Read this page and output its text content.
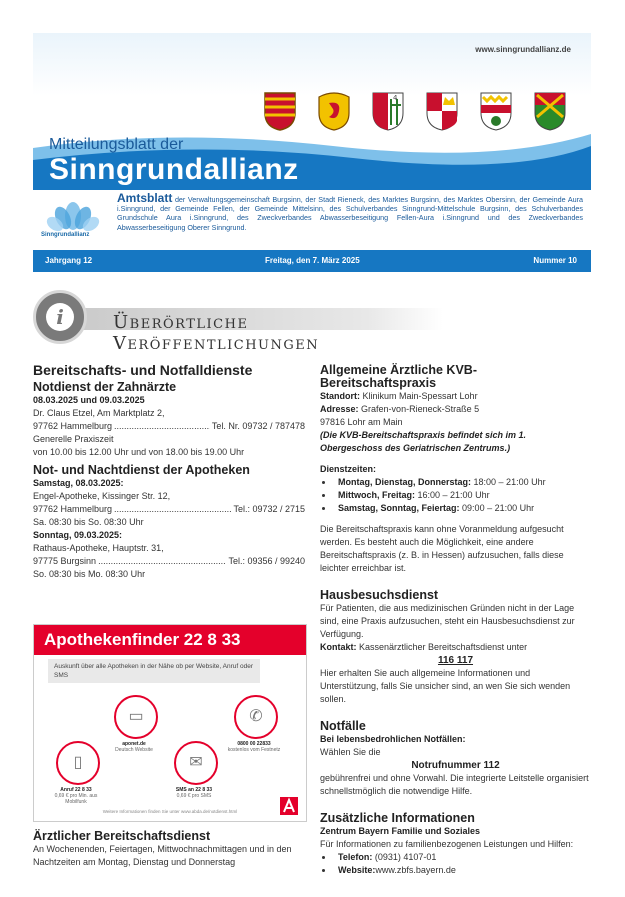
www.sinngrundallianz.de
4
Mitteilungsblatt der
Sinngrundallianz
Sinngrundallianz
Amtsblatt der Verwaltungsgemeinschaft Burgsinn, der Stadt Rieneck, des Marktes Burgsinn, des Marktes Obersinn, der Gemeinde Aura i.Sinngrund, der Gemeinde Fellen, der Gemeinde Mittelsinn, des Schulverbandes Sinngrund-Mittelschule Burgsinn, des Schulverbandes Grundschule Aura i.Sinngrund, des Zweckverbandes Abwasserbeseitigung Fellen-Aura i.Sinngrund und des Zweckverbandes Abwasserbeseitigung Oberer Sinngrund.
Jahrgang 12	Freitag, den 7. März 2025	Nummer 10
i	Überörtliche Veröffentlichungen
Bereitschafts- und Notfalldienste
Notdienst der Zahnärzte
08.03.2025 und 09.03.2025
Dr. Claus Etzel, Am Marktplatz 2,
97762 Hammelburg .....	Tel. Nr. 09732 / 787478
Generelle Praxiszeit
von 10.00 bis 12.00 Uhr und von 18.00 bis 19.00 Uhr
Not- und Nachtdienst der Apotheken
Samstag, 08.03.2025:
Engel-Apotheke, Kissinger Str. 12,
97762 Hammelburg .....	Tel.: 09732 / 2715
Sa. 08:30 bis So. 08:30 Uhr
Sonntag, 09.03.2025:
Rathaus-Apotheke, Hauptstr. 31,
97775 Burgsinn .....	Tel.: 09356 / 99240
So. 08:30 bis Mo. 08:30 Uhr
Apothekenfinder 22 8 33
Auskunft über alle Apotheken in der Nähe ob per Website, Anruf oder SMS
▭
aponet.de
Deutsch Website
✆
0800 00 22833
kostenlos vom Festnetz
▯
Anruf 22 8 33
0,69 € pro Min. aus Mobilfunk
✉
SMS an 22 8 33
0,69 € pro SMS
Weitere Informationen finden Sie unter www.abda.de/notdienst.html
Ärztlicher Bereitschaftsdienst
An Wochenenden, Feiertagen, Mittwochnachmittagen und in den Nachtzeiten am Montag, Dienstag und Donnerstag
Allgemeine Ärztliche KVB-Bereitschaftspraxis
Standort: Klinikum Main-Spessart Lohr
Adresse: Grafen-von-Rieneck-Straße 5
97816 Lohr am Main
(Die KVB-Bereitschaftspraxis befindet sich im 1. Obergeschoss des Geriatrischen Zentrums.)
Dienstzeiten:
• Montag, Dienstag, Donnerstag: 18:00 – 21:00 Uhr
• Mittwoch, Freitag: 16:00 – 21:00 Uhr
• Samstag, Sonntag, Feiertag: 09:00 – 21:00 Uhr
Die Bereitschaftspraxis kann ohne Voranmeldung aufgesucht werden. Es besteht auch die Möglichkeit, eine andere Bereitschaftspraxis (z. B. in Hessen) aufzusuchen, falls diese leichter erreichbar ist.
Hausbesuchsdienst
Für Patienten, die aus medizinischen Gründen nicht in der Lage sind, eine Praxis aufzusuchen, steht ein Hausbesuchsdienst zur Verfügung.
Kontakt: Kassenärztlicher Bereitschaftsdienst unter
116 117
Hier erhalten Sie auch allgemeine Informationen und Unterstützung, falls Sie unsicher sind, an wen Sie sich wenden sollen.
Notfälle
Bei lebensbedrohlichen Notfällen:
Wählen Sie die
Notrufnummer 112
gebührenfrei und ohne Vorwahl. Die integrierte Leitstelle organisiert schnellstmöglich die notwendige Hilfe.
Zusätzliche Informationen
Zentrum Bayern Familie und Soziales
Für Informationen zu familienbezogenen Leistungen und Hilfen:
• Telefon: (0931) 4107-01
• Website:www.zbfs.bayern.de
